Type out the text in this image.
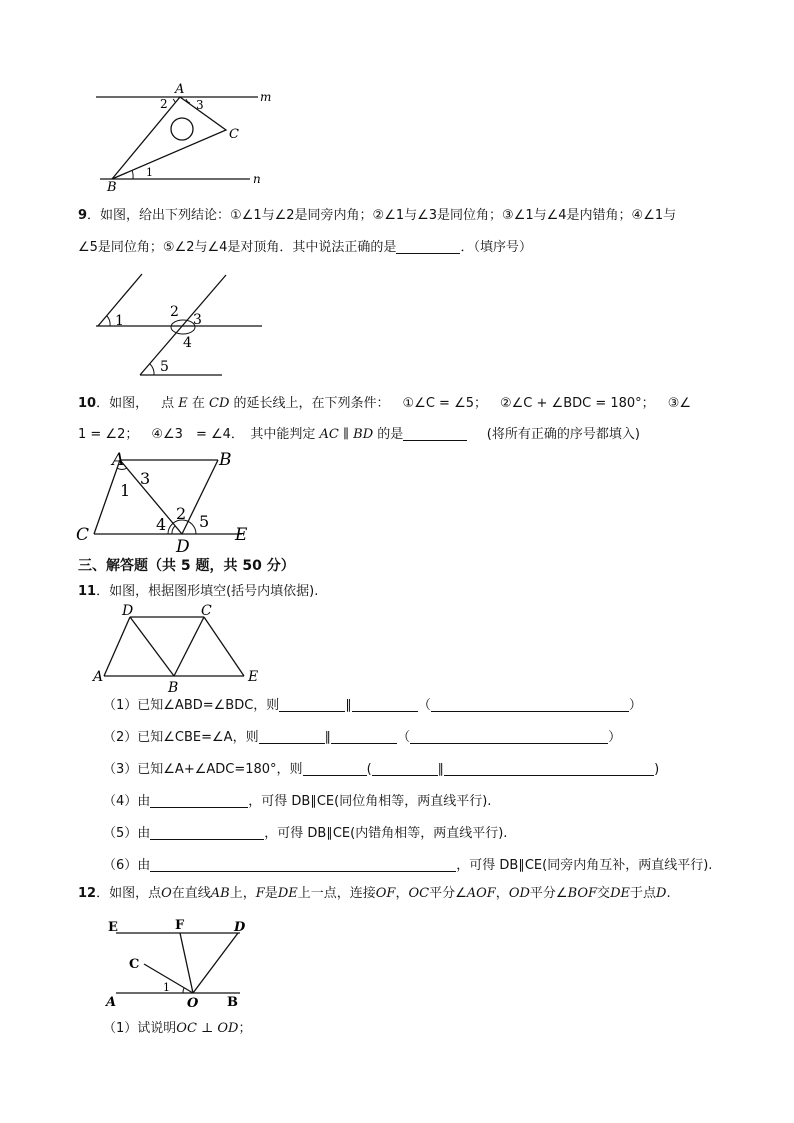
A
B
C
m
n
1
2 3
9．如图，给出下列结论：①∠1与∠2是同旁内角；②∠1与∠3是同位角；③∠1与∠4是内错角；④∠1与
∠5是同位角；⑤∠2与∠4是对顶角．其中说法正确的是	．（填序号）
1
2 3
4
5
10．如图，  点 E 在 CD 的延长线上，在下列条件：  ①∠C = ∠5；  ②∠C + ∠BDC = 180°；  ③∠
1 = ∠2；  ④∠3　= ∠4．  其中能判定 AC ∥ BD 的是  	(将所有正确的序号都填入)
A	B
C
D
E
1
2
3
4 5
三、解答题（共 5 题，共 50 分）
11．如图，根据图形填空(括号内填依据).
D	C
A
B
E
（1）已知∠ABD=∠BDC，则	∥	（	）
（2）已知∠CBE=∠A，则	∥	（	）
（3）已知∠A+∠ADC=180°，则	(	∥	)
（4）由	，可得 DB∥CE(同位角相等，两直线平行).
（5）由	，可得 DB∥CE(内错角相等，两直线平行).
（6）由	，可得 DB∥CE(同旁内角互补，两直线平行).
12．如图，点O在直线AB上，F是DE上一点，连接OF，OC平分∠AOF，OD平分∠BOF交DE于点D.
E	F	D
C
A	O B
1
（1）试说明OC ⊥ OD；
